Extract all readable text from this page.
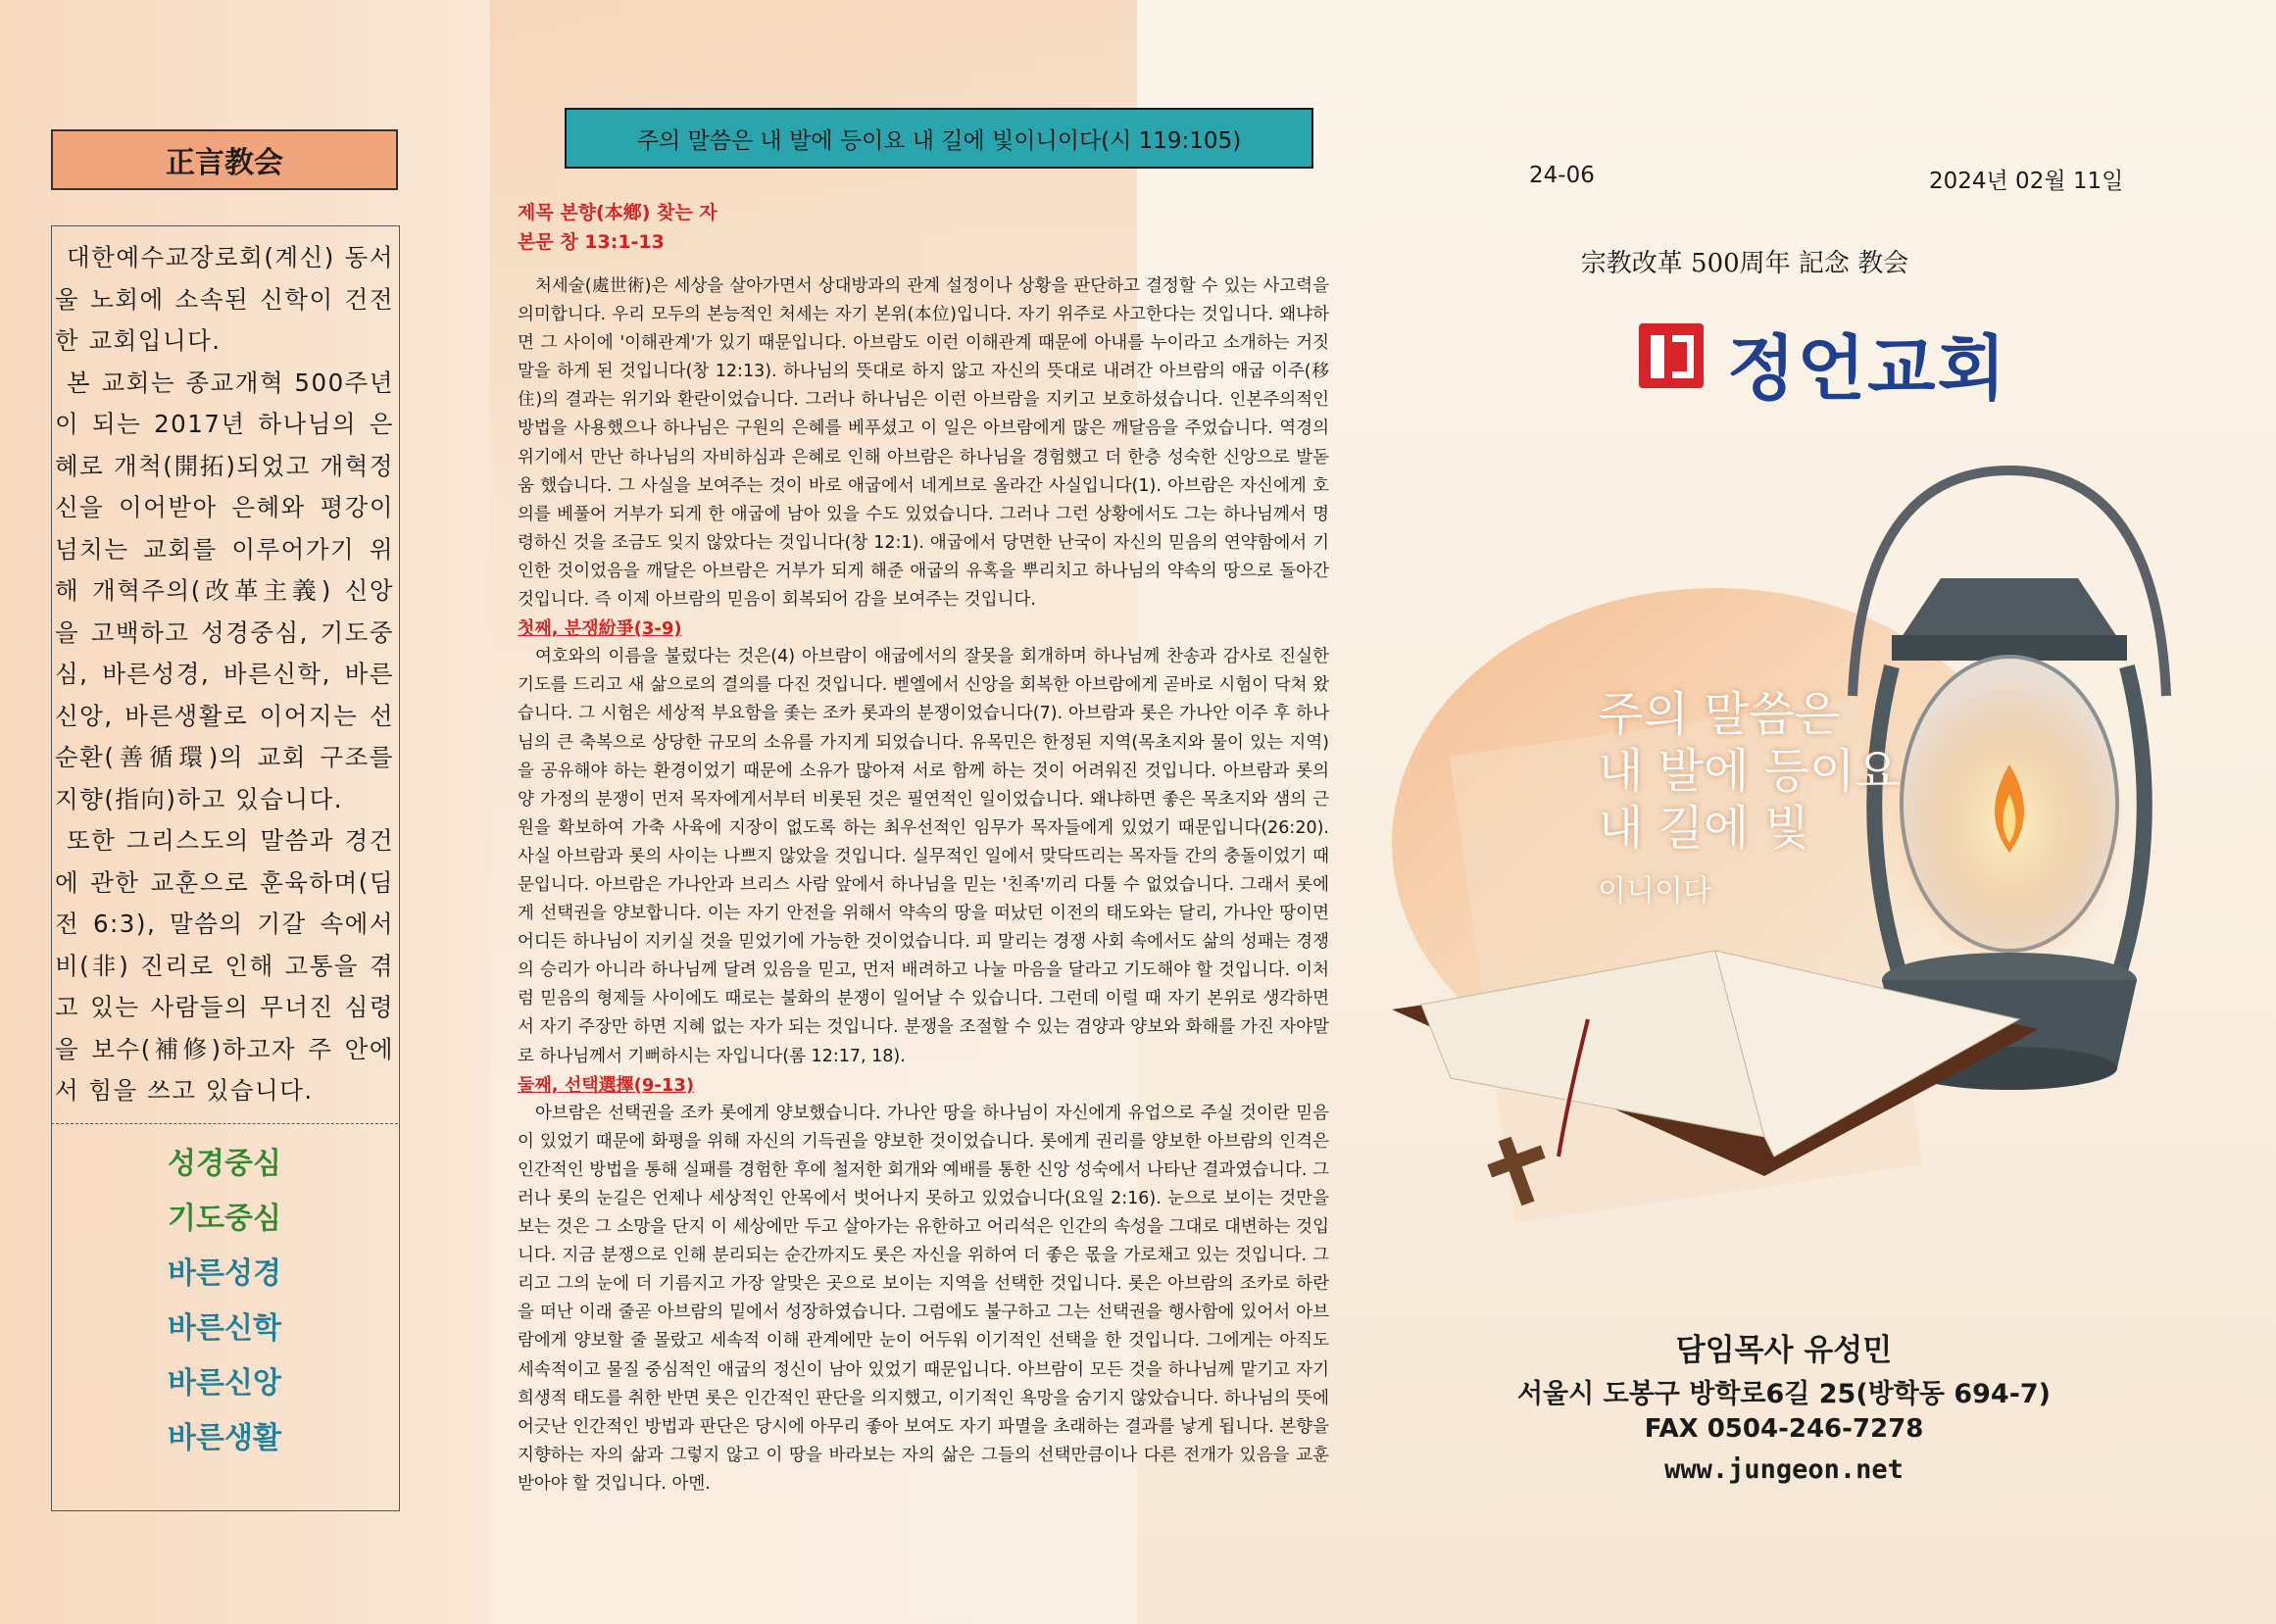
正言教会

대한예수교장로회(계신) 동서울 노회에 소속된 신학이 건전한 교회입니다.

본 교회는 종교개혁 500주년이 되는 2017년 하나님의 은혜로 개척(開拓)되었고 개혁정신을 이어받아 은혜와 평강이 넘치는 교회를 이루어가기 위해 개혁주의(改革主義) 신앙을 고백하고 성경중심, 기도중심, 바른성경, 바른신학, 바른신앙, 바른생활로 이어지는 선순환(善循環)의 교회 구조를 지향(指向)하고 있습니다.

또한 그리스도의 말씀과 경건에 관한 교훈으로 훈육하며(딤전 6:3), 말씀의 기갈 속에서 비(非) 진리로 인해 고통을 겪고 있는 사람들의 무너진 심령을 보수(補修)하고자 주 안에서 힘을 쓰고 있습니다.

성경중심
기도중심
바른성경
바른신학
바른신앙
바른생활
주의 말씀은 내 발에 등이요 내 길에 빛이니이다(시 119:105)
제목 본향(本鄕) 찾는 자
본문 창 13:1-13

처세술(處世術)은 세상을 살아가면서 상대방과의 관계 설정이나 상황을 판단하고 결정할 수 있는 사고력을 의미합니다. 우리 모두의 본능적인 처세는 자기 본위(本位)입니다. 자기 위주로 사고한다는 것입니다. 왜냐하면 그 사이에 '이해관계'가 있기 때문입니다. 아브람도 이런 이해관계 때문에 아내를 누이라고 소개하는 거짓말을 하게 된 것입니다(창 12:13). 하나님의 뜻대로 하지 않고 자신의 뜻대로 내려간 아브람의 애굽 이주(移住)의 결과는 위기와 환란이었습니다. 그러나 하나님은 이런 아브람을 지키고 보호하셨습니다. 인본주의적인 방법을 사용했으나 하나님은 구원의 은혜를 베푸셨고 이 일은 아브람에게 많은 깨달음을 주었습니다. 역경의 위기에서 만난 하나님의 자비하심과 은혜로 인해 아브람은 하나님을 경험했고 더 한층 성숙한 신앙으로 발돋움 했습니다. 그 사실을 보여주는 것이 바로 애굽에서 네게브로 올라간 사실입니다(1). 아브람은 자신에게 호의를 베풀어 거부가 되게 한 애굽에 남아 있을 수도 있었습니다. 그러나 그런 상황에서도 그는 하나님께서 명령하신 것을 조금도 잊지 않았다는 것입니다(창 12:1). 애굽에서 당면한 난국이 자신의 믿음의 연약함에서 기인한 것이었음을 깨달은 아브람은 거부가 되게 해준 애굽의 유혹을 뿌리치고 하나님의 약속의 땅으로 돌아간 것입니다. 즉 이제 아브람의 믿음이 회복되어 감을 보여주는 것입니다.

첫째, 분쟁紛爭(3-9)

여호와의 이름을 불렀다는 것은(4) 아브람이 애굽에서의 잘못을 회개하며 하나님께 찬송과 감사로 진실한 기도를 드리고 새 삶으로의 결의를 다진 것입니다. 벧엘에서 신앙을 회복한 아브람에게 곧바로 시험이 닥쳐 왔습니다. 그 시험은 세상적 부요함을 좇는 조카 롯과의 분쟁이었습니다(7). 아브람과 롯은 가나안 이주 후 하나님의 큰 축복으로 상당한 규모의 소유를 가지게 되었습니다. 유목민은 한정된 지역(목초지와 물이 있는 지역)을 공유해야 하는 환경이었기 때문에 소유가 많아져 서로 함께 하는 것이 어려워진 것입니다. 아브람과 롯의 양 가정의 분쟁이 먼저 목자에게서부터 비롯된 것은 필연적인 일이었습니다. 왜냐하면 좋은 목초지와 샘의 근원을 확보하여 가축 사육에 지장이 없도록 하는 최우선적인 임무가 목자들에게 있었기 때문입니다(26:20). 사실 아브람과 롯의 사이는 나쁘지 않았을 것입니다. 실무적인 일에서 맞닥뜨리는 목자들 간의 충돌이었기 때문입니다. 아브람은 가나안과 브리스 사람 앞에서 하나님을 믿는 '친족'끼리 다툴 수 없었습니다. 그래서 롯에게 선택권을 양보합니다. 이는 자기 안전을 위해서 약속의 땅을 떠났던 이전의 태도와는 달리, 가나안 땅이면 어디든 하나님이 지키실 것을 믿었기에 가능한 것이었습니다. 피 말리는 경쟁 사회 속에서도 삶의 성패는 경쟁의 승리가 아니라 하나님께 달려 있음을 믿고, 먼저 배려하고 나눌 마음을 달라고 기도해야 할 것입니다. 이처럼 믿음의 형제들 사이에도 때로는 불화의 분쟁이 일어날 수 있습니다. 그런데 이럴 때 자기 본위로 생각하면서 자기 주장만 하면 지혜 없는 자가 되는 것입니다. 분쟁을 조절할 수 있는 겸양과 양보와 화해를 가진 자야말로 하나님께서 기뻐하시는 자입니다(롬 12:17, 18).

둘째, 선택選擇(9-13)

아브람은 선택권을 조카 롯에게 양보했습니다. 가나안 땅을 하나님이 자신에게 유업으로 주실 것이란 믿음이 있었기 때문에 화평을 위해 자신의 기득권을 양보한 것이었습니다. 롯에게 권리를 양보한 아브람의 인격은 인간적인 방법을 통해 실패를 경험한 후에 철저한 회개와 예배를 통한 신앙 성숙에서 나타난 결과였습니다. 그러나 롯의 눈길은 언제나 세상적인 안목에서 벗어나지 못하고 있었습니다(요일 2:16). 눈으로 보이는 것만을 보는 것은 그 소망을 단지 이 세상에만 두고 살아가는 유한하고 어리석은 인간의 속성을 그대로 대변하는 것입니다. 지금 분쟁으로 인해 분리되는 순간까지도 롯은 자신을 위하여 더 좋은 몫을 가로채고 있는 것입니다. 그리고 그의 눈에 더 기름지고 가장 알맞은 곳으로 보이는 지역을 선택한 것입니다. 롯은 아브람의 조카로 하란을 떠난 이래 줄곧 아브람의 밑에서 성장하였습니다. 그럼에도 불구하고 그는 선택권을 행사함에 있어서 아브람에게 양보할 줄 몰랐고 세속적 이해 관계에만 눈이 어두워 이기적인 선택을 한 것입니다. 그에게는 아직도 세속적이고 물질 중심적인 애굽의 정신이 남아 있었기 때문입니다. 아브람이 모든 것을 하나님께 맡기고 자기 희생적 태도를 취한 반면 롯은 인간적인 판단을 의지했고, 이기적인 욕망을 숨기지 않았습니다. 하나님의 뜻에 어긋난 인간적인 방법과 판단은 당시에 아무리 좋아 보여도 자기 파멸을 초래하는 결과를 낳게 됩니다. 본향을 지향하는 자의 삶과 그렇지 않고 이 땅을 바라보는 자의 삶은 그들의 선택만큼이나 다른 전개가 있음을 교훈 받아야 할 것입니다. 아멘.

24-06	2024년 02월 11일
宗教改革 500周年 記念 教会
정언교회
주의 말씀은
내 발에 등이요
내 길에 빛
이니이다
담임목사 유성민
서울시 도봉구 방학로6길 25(방학동 694-7)
FAX 0504-246-7278
www.jungeon.net
